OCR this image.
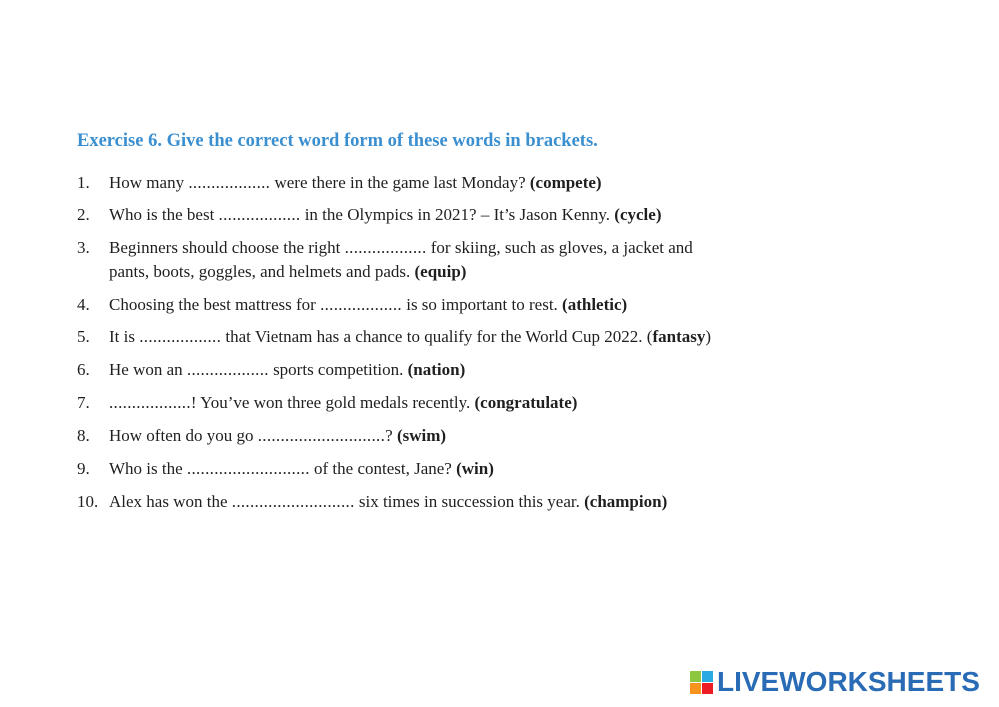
Exercise 6. Give the correct word form of these words in brackets.
1. How many .................. were there in the game last Monday? (compete)
2. Who is the best .................. in the Olympics in 2021? – It’s Jason Kenny. (cycle)
3. Beginners should choose the right .................. for skiing, such as gloves, a jacket and
pants, boots, goggles, and helmets and pads. (equip)
4. Choosing the best mattress for .................. is so important to rest. (athletic)
5. It is .................. that Vietnam has a chance to qualify for the World Cup 2022. (fantasy)
6. He won an .................. sports competition. (nation)
7. ..................! You’ve won three gold medals recently. (congratulate)
8. How often do you go ............................? (swim)
9. Who is the ........................... of the contest, Jane? (win)
10. Alex has won the ........................... six times in succession this year. (champion)
LIVEWORKSHEETS
